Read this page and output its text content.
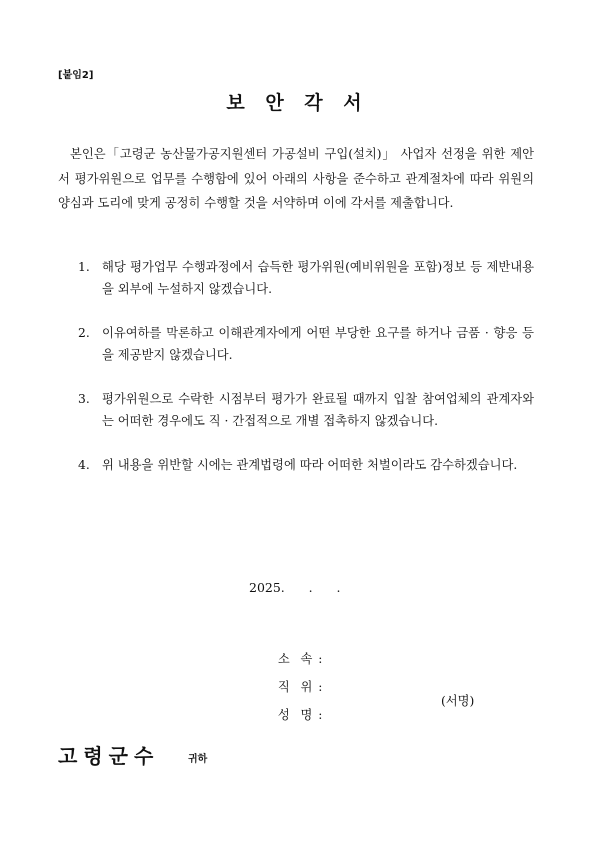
[붙임2]
보 안 각 서

본인은「고령군 농산물가공지원센터 가공설비 구입(설치)」 사업자 선정을 위한 제안서 평가위원으로 업무를 수행함에 있어 아래의 사항을 준수하고 관계절차에 따라 위원의 양심과 도리에 맞게 공정히 수행할 것을 서약하며 이에 각서를 제출합니다.

1. 해당 평가업무 수행과정에서 습득한 평가위원(예비위원을 포함)정보 등 제반내용을 외부에 누설하지 않겠습니다.
2. 이유여하를 막론하고 이해관계자에게 어떤 부당한 요구를 하거나 금품 · 향응 등을 제공받지 않겠습니다.
3. 평가위원으로 수락한 시점부터 평가가 완료될 때까지 입찰 참여업체의 관계자와는 어떠한 경우에도 직 · 간접적으로 개별 접촉하지 않겠습니다.
4. 위 내용을 위반할 시에는 관계법령에 따라 어떠한 처벌이라도 감수하겠습니다.
2025.      .      .

소  속 :

직  위 :

성  명 :

(서명)
고령군수	귀하
